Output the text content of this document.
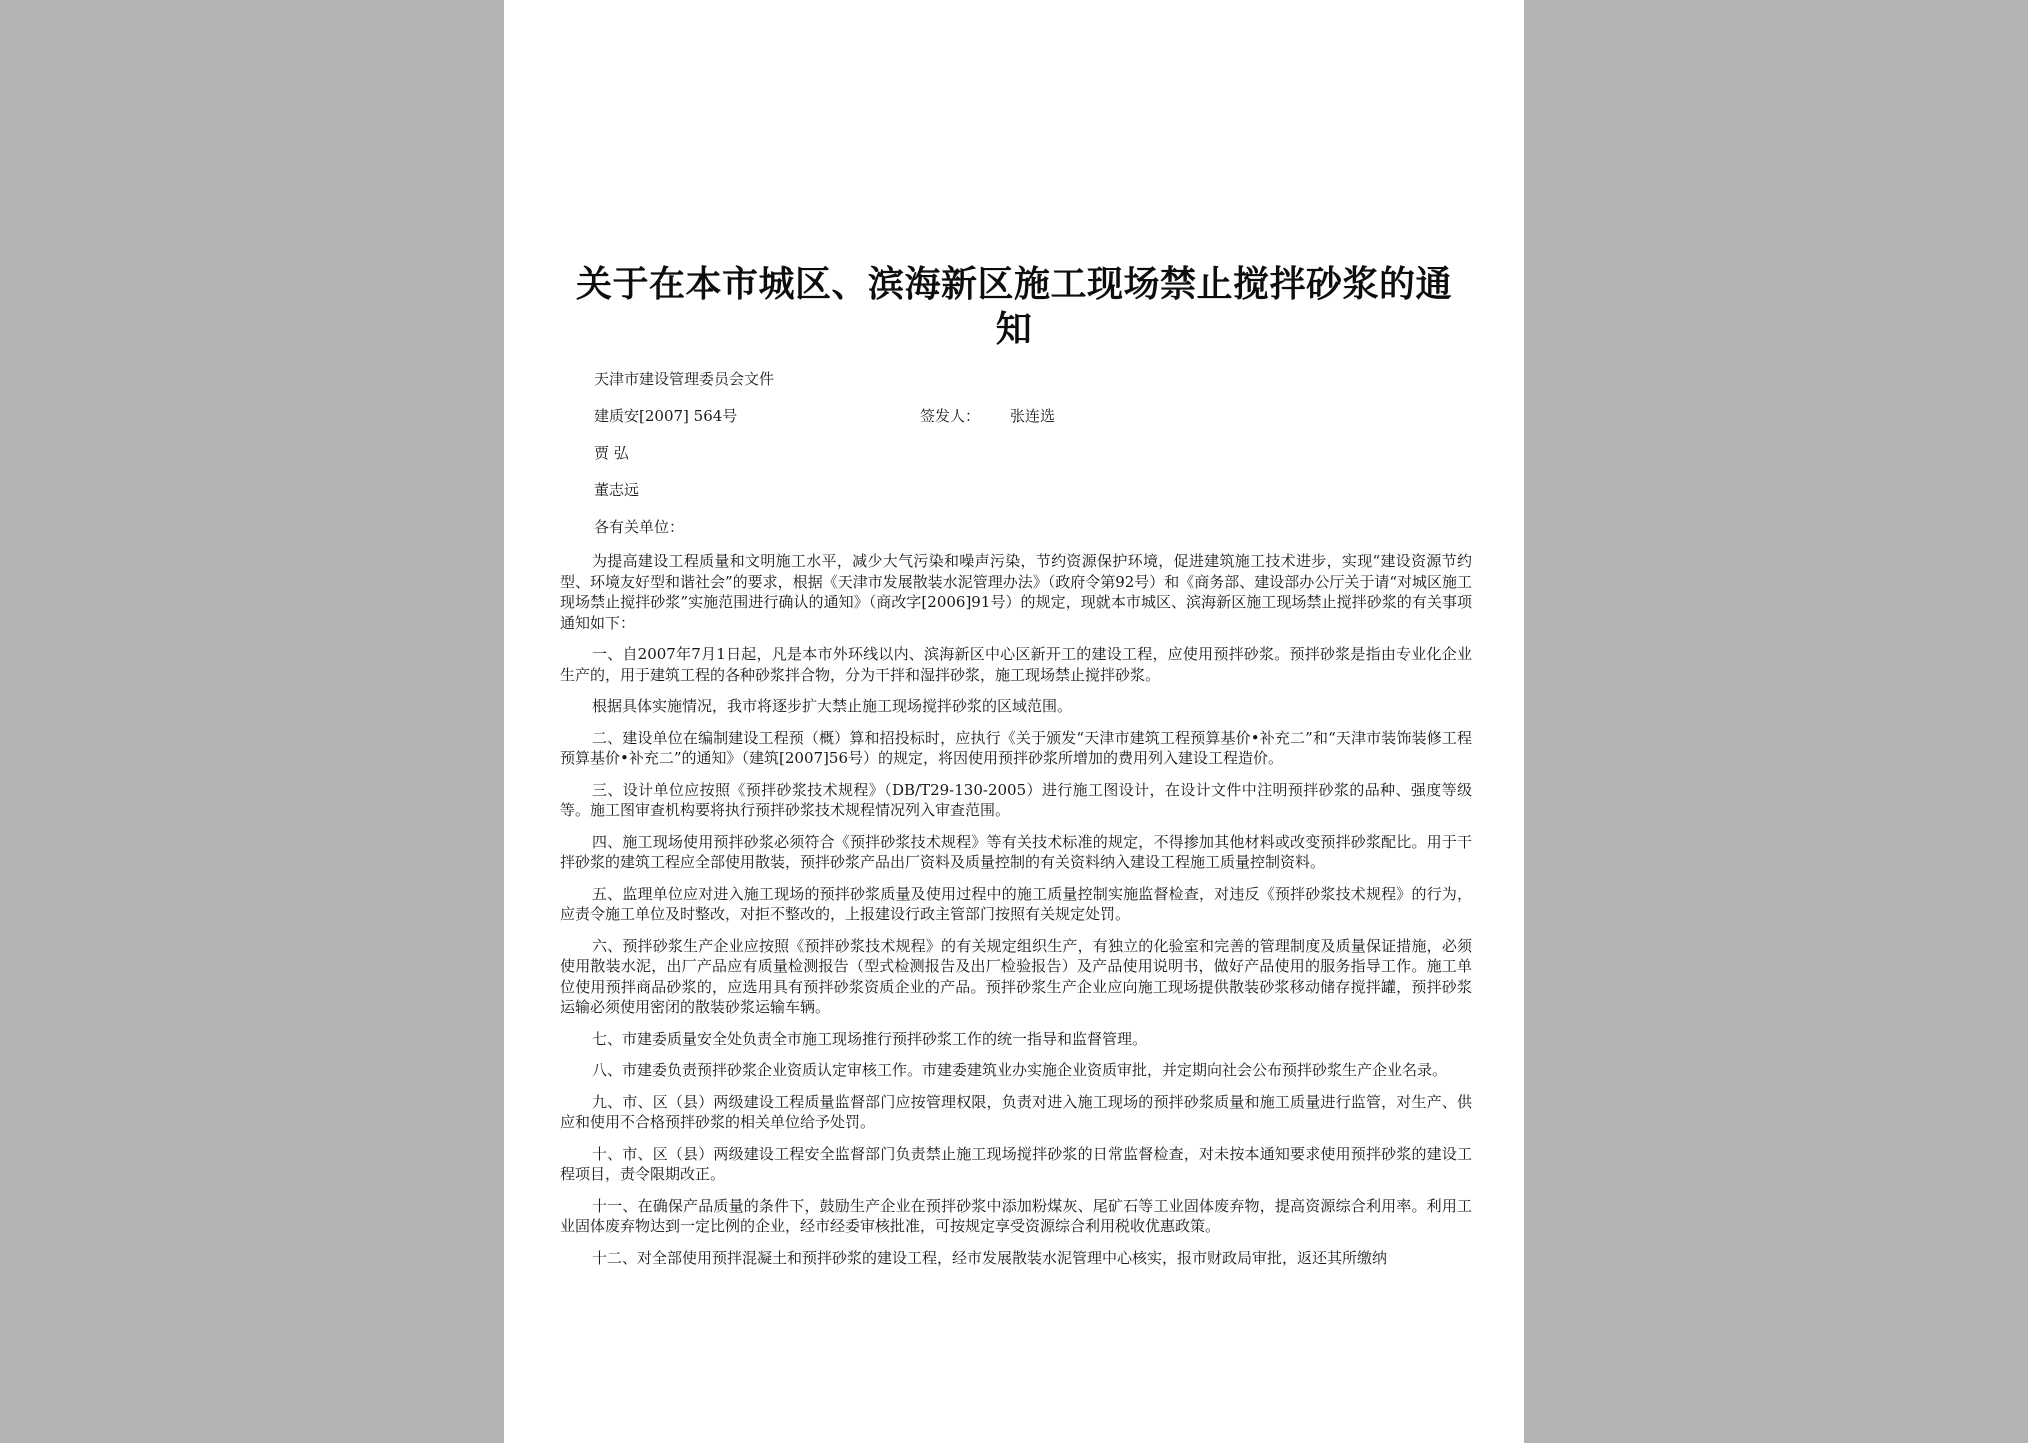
关于在本市城区、滨海新区施工现场禁止搅拌砂浆的通知
天津市建设管理委员会文件
建质安[2007] 564号	签发人： 张连选
贾 弘
董志远
各有关单位：

为提高建设工程质量和文明施工水平，减少大气污染和噪声污染，节约资源保护环境，促进建筑施工技术进步，实现“建设资源节约型、环境友好型和谐社会”的要求，根据《天津市发展散装水泥管理办法》（政府令第92号）和《商务部、建设部办公厅关于请“对城区施工现场禁止搅拌砂浆”实施范围进行确认的通知》（商改字[2006]91号）的规定，现就本市城区、滨海新区施工现场禁止搅拌砂浆的有关事项通知如下：

一、自2007年7月1日起，凡是本市外环线以内、滨海新区中心区新开工的建设工程，应使用预拌砂浆。预拌砂浆是指由专业化企业生产的，用于建筑工程的各种砂浆拌合物，分为干拌和湿拌砂浆，施工现场禁止搅拌砂浆。

根据具体实施情况，我市将逐步扩大禁止施工现场搅拌砂浆的区域范围。

二、建设单位在编制建设工程预（概）算和招投标时，应执行《关于颁发“天津市建筑工程预算基价•补充二”和“天津市装饰装修工程预算基价•补充二”的通知》（建筑[2007]56号）的规定，将因使用预拌砂浆所增加的费用列入建设工程造价。

三、设计单位应按照《预拌砂浆技术规程》（DB/T29-130-2005）进行施工图设计，在设计文件中注明预拌砂浆的品种、强度等级等。施工图审查机构要将执行预拌砂浆技术规程情况列入审查范围。

四、施工现场使用预拌砂浆必须符合《预拌砂浆技术规程》等有关技术标准的规定，不得掺加其他材料或改变预拌砂浆配比。用于干拌砂浆的建筑工程应全部使用散装，预拌砂浆产品出厂资料及质量控制的有关资料纳入建设工程施工质量控制资料。

五、监理单位应对进入施工现场的预拌砂浆质量及使用过程中的施工质量控制实施监督检查，对违反《预拌砂浆技术规程》的行为，应责令施工单位及时整改，对拒不整改的，上报建设行政主管部门按照有关规定处罚。

六、预拌砂浆生产企业应按照《预拌砂浆技术规程》的有关规定组织生产，有独立的化验室和完善的管理制度及质量保证措施，必须使用散装水泥，出厂产品应有质量检测报告（型式检测报告及出厂检验报告）及产品使用说明书，做好产品使用的服务指导工作。施工单位使用预拌商品砂浆的，应选用具有预拌砂浆资质企业的产品。预拌砂浆生产企业应向施工现场提供散装砂浆移动储存搅拌罐，预拌砂浆运输必须使用密闭的散装砂浆运输车辆。

七、市建委质量安全处负责全市施工现场推行预拌砂浆工作的统一指导和监督管理。

八、市建委负责预拌砂浆企业资质认定审核工作。市建委建筑业办实施企业资质审批，并定期向社会公布预拌砂浆生产企业名录。

九、市、区（县）两级建设工程质量监督部门应按管理权限，负责对进入施工现场的预拌砂浆质量和施工质量进行监管，对生产、供应和使用不合格预拌砂浆的相关单位给予处罚。

十、市、区（县）两级建设工程安全监督部门负责禁止施工现场搅拌砂浆的日常监督检查，对未按本通知要求使用预拌砂浆的建设工程项目，责令限期改正。

十一、在确保产品质量的条件下，鼓励生产企业在预拌砂浆中添加粉煤灰、尾矿石等工业固体废弃物，提高资源综合利用率。利用工业固体废弃物达到一定比例的企业，经市经委审核批准，可按规定享受资源综合利用税收优惠政策。

十二、对全部使用预拌混凝土和预拌砂浆的建设工程，经市发展散装水泥管理中心核实，报市财政局审批，返还其所缴纳
